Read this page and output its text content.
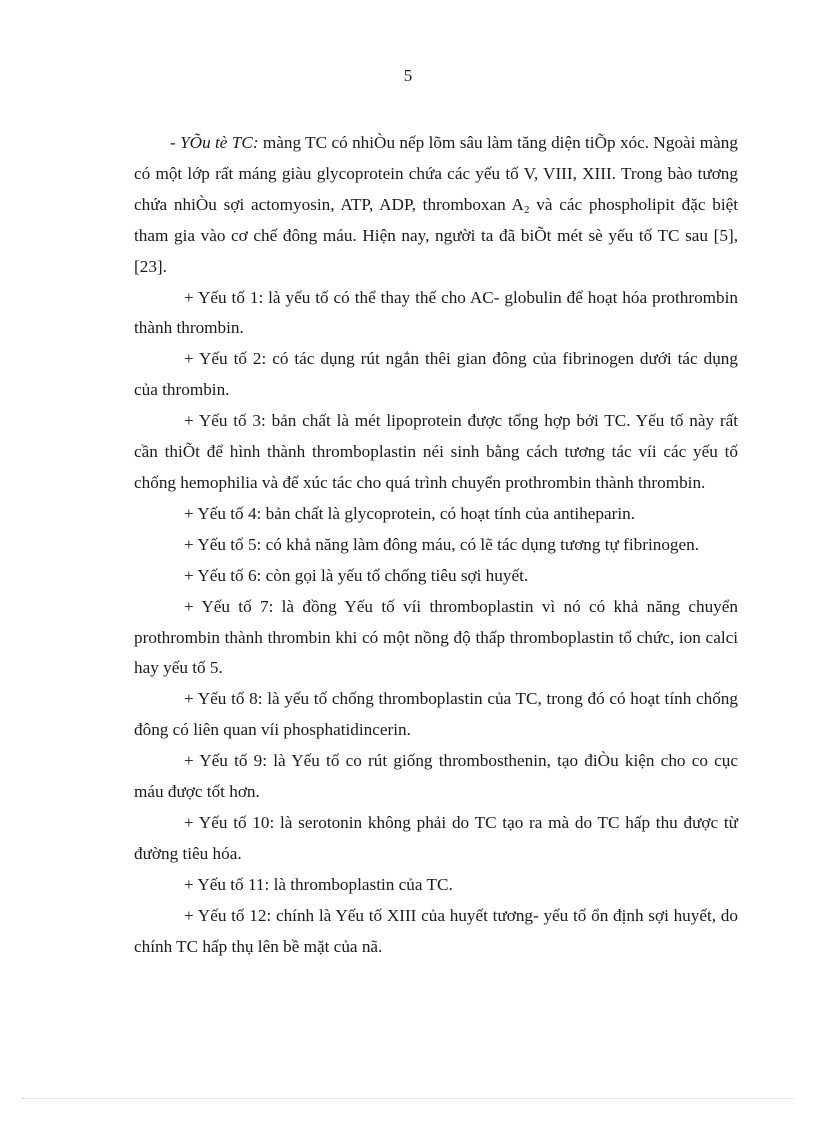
5

- YÕu tè TC: màng TC có nhiÒu nếp lõm sâu làm tăng diện tiÕp xóc. Ngoài màng có một lớp rất máng giàu glycoprotein chứa các yếu tố V, VIII, XIII. Trong bào tương chứa nhiÒu sợi actomyosin, ATP, ADP, thromboxan $A_2$ và các phospholipit đặc biệt tham gia vào cơ chế đông máu. Hiện nay, người ta đã biÕt mét sè yếu tố TC sau [5], [23].

+ Yếu tố 1: là yếu tố có thể thay thế cho AC- globulin để hoạt hóa prothrombin thành thrombin.

+ Yếu tố 2: có tác dụng rút ngắn thêi gian đông của fibrinogen dưới tác dụng của thrombin.

+ Yếu tố 3: bản chất là mét lipoprotein được tổng hợp bởi TC. Yếu tố này rất cần thiÕt để hình thành thromboplastin néi sinh bằng cách tương tác víi các yếu tố chống hemophilia và để xúc tác cho quá trình chuyển prothrombin thành thrombin.

+ Yếu tố 4: bản chất là glycoprotein, có hoạt tính của antiheparin.

+ Yếu tố 5: có khả năng làm đông máu, có lẽ tác dụng tương tự fibrinogen.

+ Yếu tố 6: còn gọi là yếu tố chống tiêu sợi huyết.

+ Yếu tố 7: là đồng Yếu tố víi thromboplastin vì nó có khả năng chuyển prothrombin thành thrombin khi có một nồng độ thấp thromboplastin tổ chức, ion calci hay yếu tố 5.

+ Yếu tố 8: là yếu tố chống thromboplastin của TC, trong đó có hoạt tính chống đông có liên quan víi phosphatidincerin.

+ Yếu tố 9: là Yếu tố co rút giống thrombosthenin, tạo điÒu kiện cho co cục máu được tốt hơn.

+ Yếu tố 10: là serotonin không phải do TC tạo ra mà do TC hấp thu được từ đường tiêu hóa.

+ Yếu tố 11: là thromboplastin của TC.

+ Yếu tố 12: chính là Yếu tố XIII của huyết tương- yếu tố ổn định sợi huyết, do chính TC hấp thụ lên bề mặt của nã.
